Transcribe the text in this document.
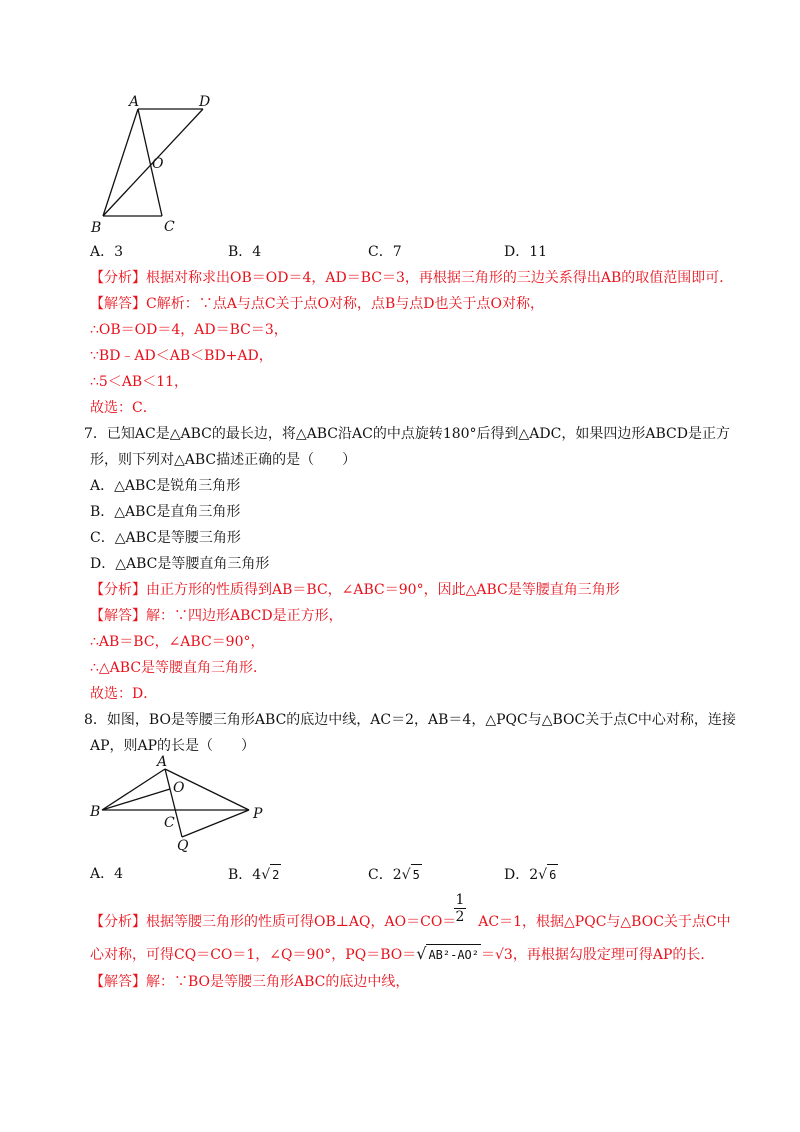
A	D
O
B	C
A．3	B．4	C．7	D．11
【分析】根据对称求出OB＝OD＝4，AD＝BC＝3，再根据三角形的三边关系得出AB的取值范围即可．
【解答】C解析：∵点A与点C关于点O对称，点B与点D也关于点O对称，
∴OB＝OD＝4，AD＝BC＝3，
∵BD﹣AD＜AB＜BD+AD，
∴5＜AB＜11，
故选：C．
7．已知AC是△ABC的最长边，将△ABC沿AC的中点旋转180°后得到△ADC，如果四边形ABCD是正方
形，则下列对△ABC描述正确的是（　　）
A．△ABC是锐角三角形
B．△ABC是直角三角形
C．△ABC是等腰三角形
D．△ABC是等腰直角三角形
【分析】由正方形的性质得到AB＝BC，∠ABC＝90°，因此△ABC是等腰直角三角形
【解答】解：∵四边形ABCD是正方形，
∴AB＝BC，∠ABC＝90°，
∴△ABC是等腰直角三角形．
故选：D．
8．如图，BO是等腰三角形ABC的底边中线，AC＝2，AB＝4，△PQC与△BOC关于点C中心对称，连接
AP，则AP的长是（　　）
A
O
B
C
P
Q
A．4	B．4√ 2	C．2√ 5	D．2√ 6
1
2
【分析】根据等腰三角形的性质可得OB⊥AQ，AO＝CO＝ AC＝1，根据△PQC与△BOC关于点C中
心对称，可得CQ＝CO＝1，∠Q＝90°，PQ＝BO＝√ AB²-AO² ＝√3，再根据勾股定理可得AP的长．
【解答】解：∵BO是等腰三角形ABC的底边中线，
